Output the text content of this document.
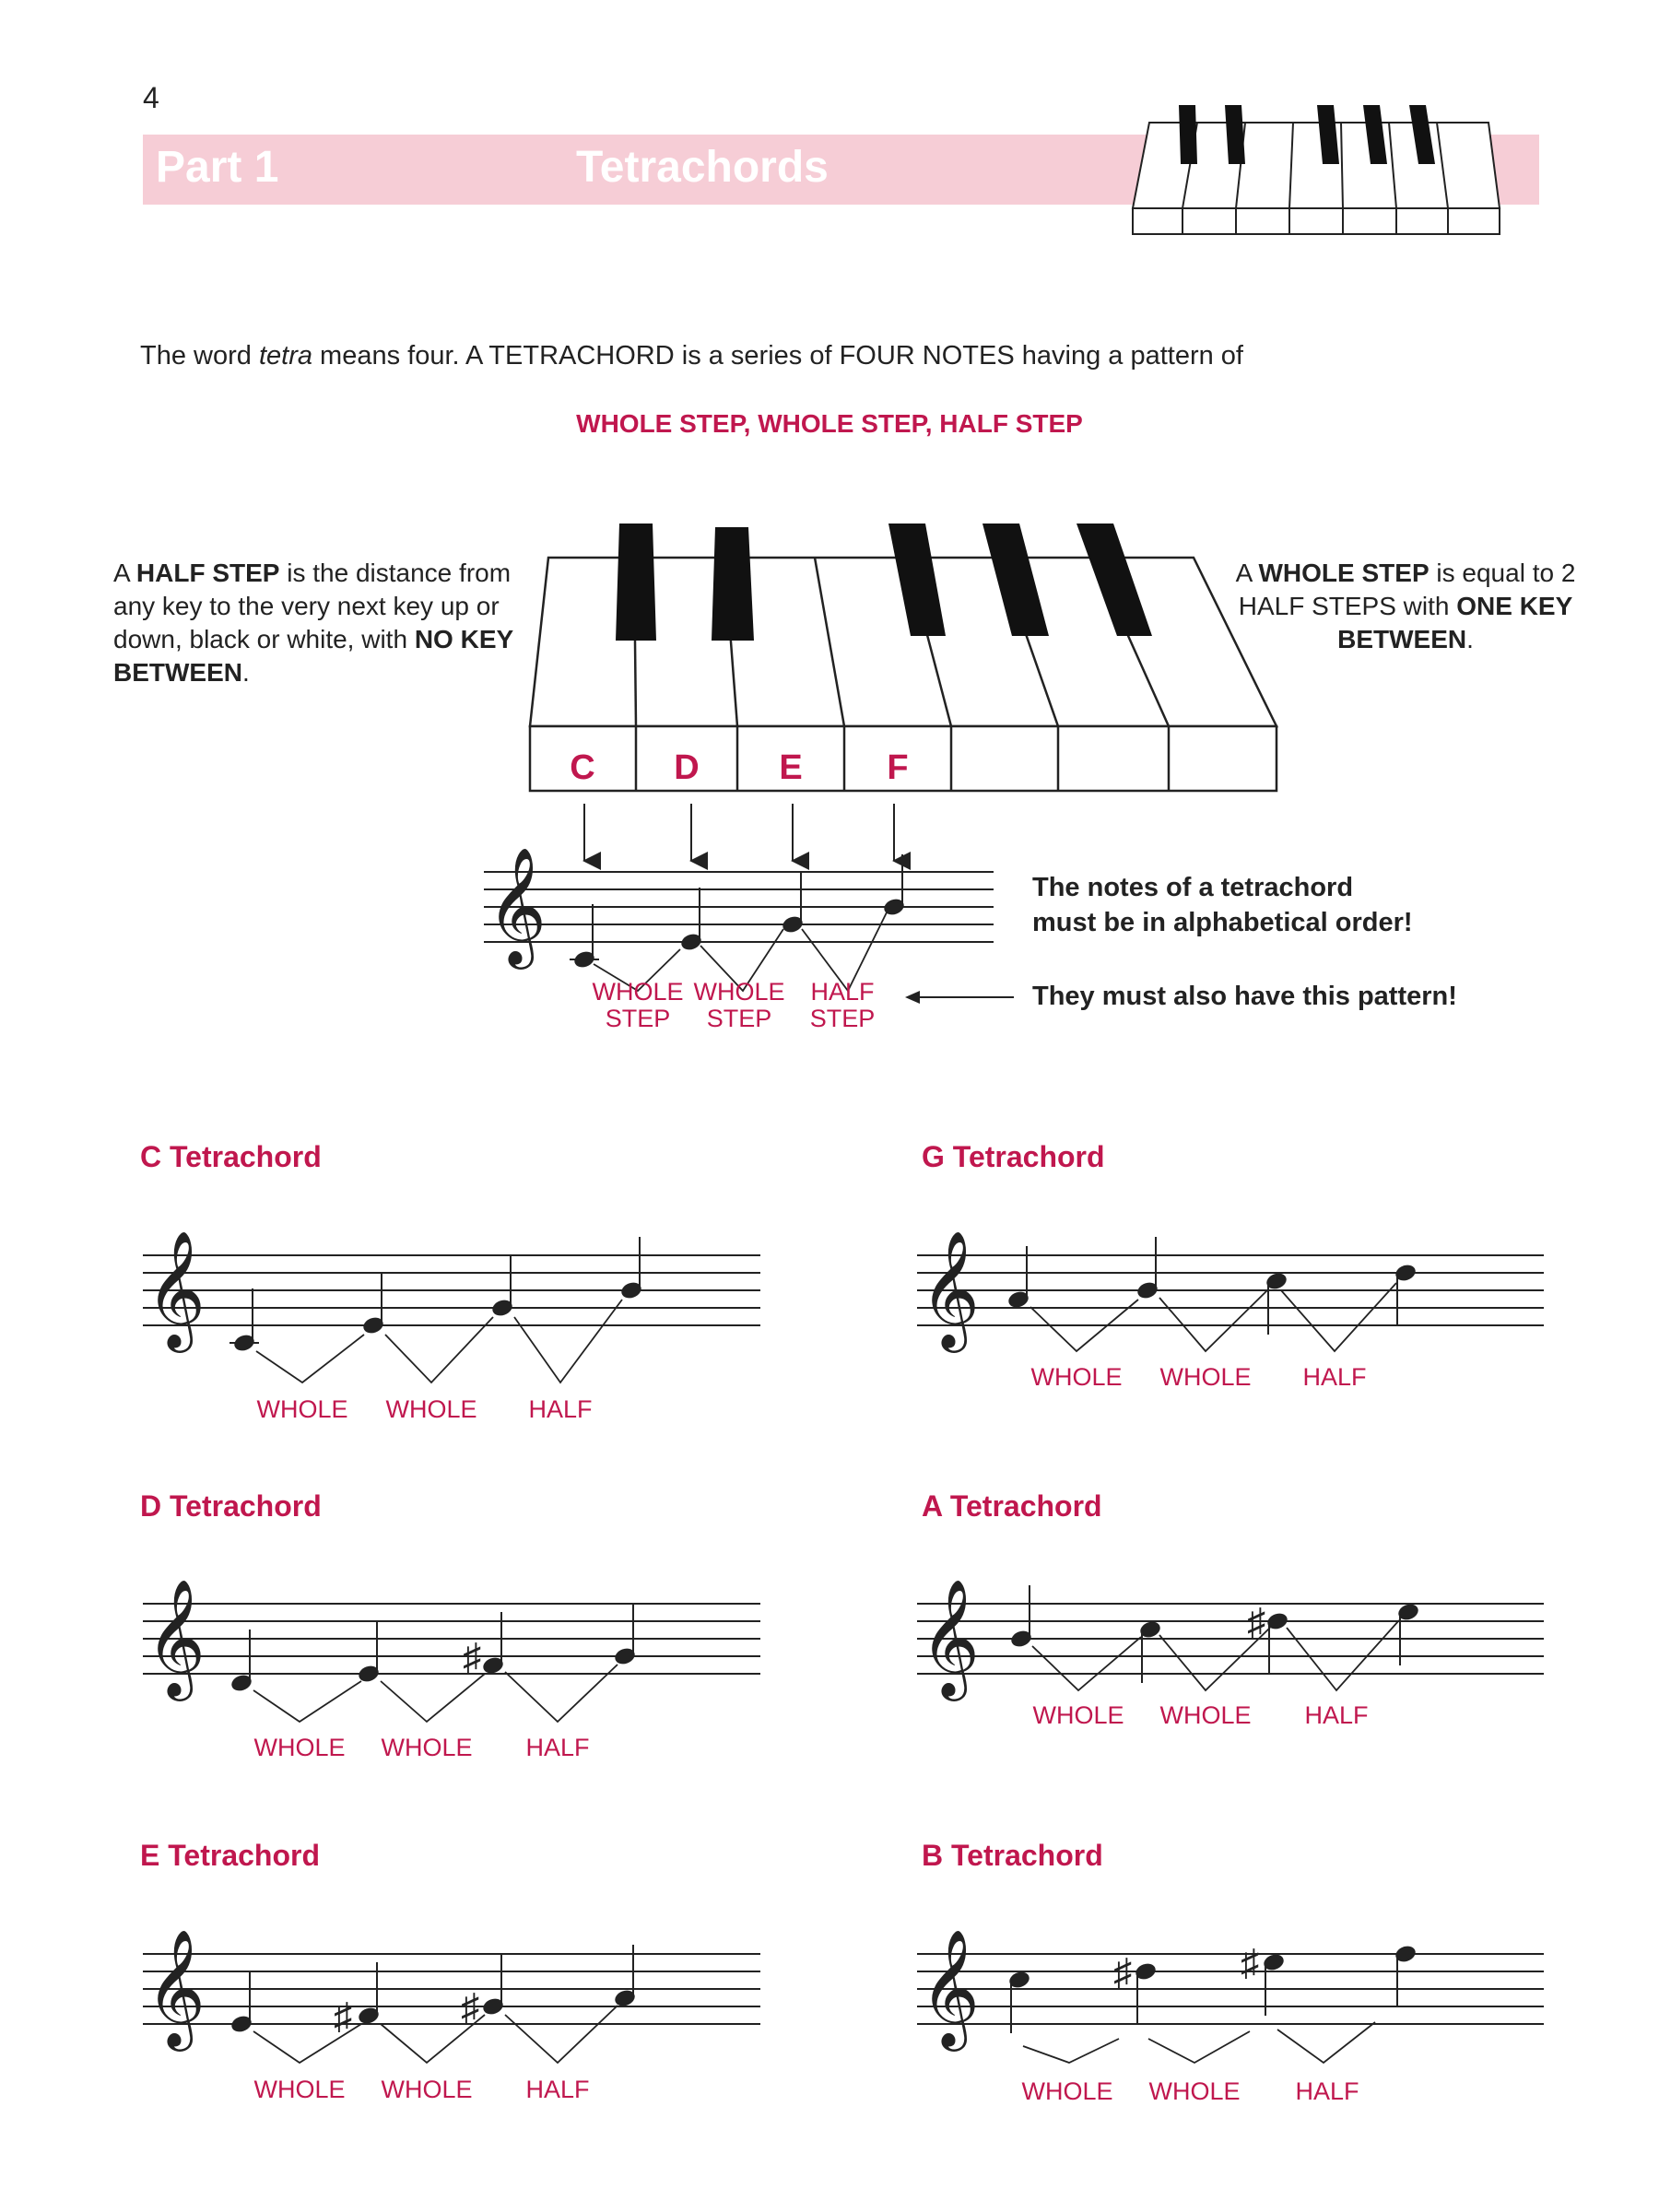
4
Part 1	Tetrachords
The word tetra means four. A TETRACHORD is a series of FOUR NOTES having a pattern of
WHOLE STEP, WHOLE STEP, HALF STEP
A HALF STEP is the distance from any key to the very next key up or down, black or white, with NO KEY BETWEEN.
A WHOLE STEP is equal to 2 HALF STEPS with ONE KEY BETWEEN.
C D E F
𝄞
WHOLE
STEP
WHOLE
STEP
HALF
STEP
The notes of a tetrachord
must be in alphabetical order!
They must also have this pattern!
C Tetrachord	G Tetrachord
D Tetrachord	A Tetrachord
E Tetrachord	B Tetrachord
𝄞
WHOLE WHOLE HALF
𝄞
WHOLE WHOLE HALF
𝄞	♯
WHOLE WHOLE HALF
𝄞	♯
WHOLE WHOLE HALF
𝄞	♯	♯
WHOLE WHOLE HALF
𝄞	♯	♯
WHOLE WHOLE HALF
